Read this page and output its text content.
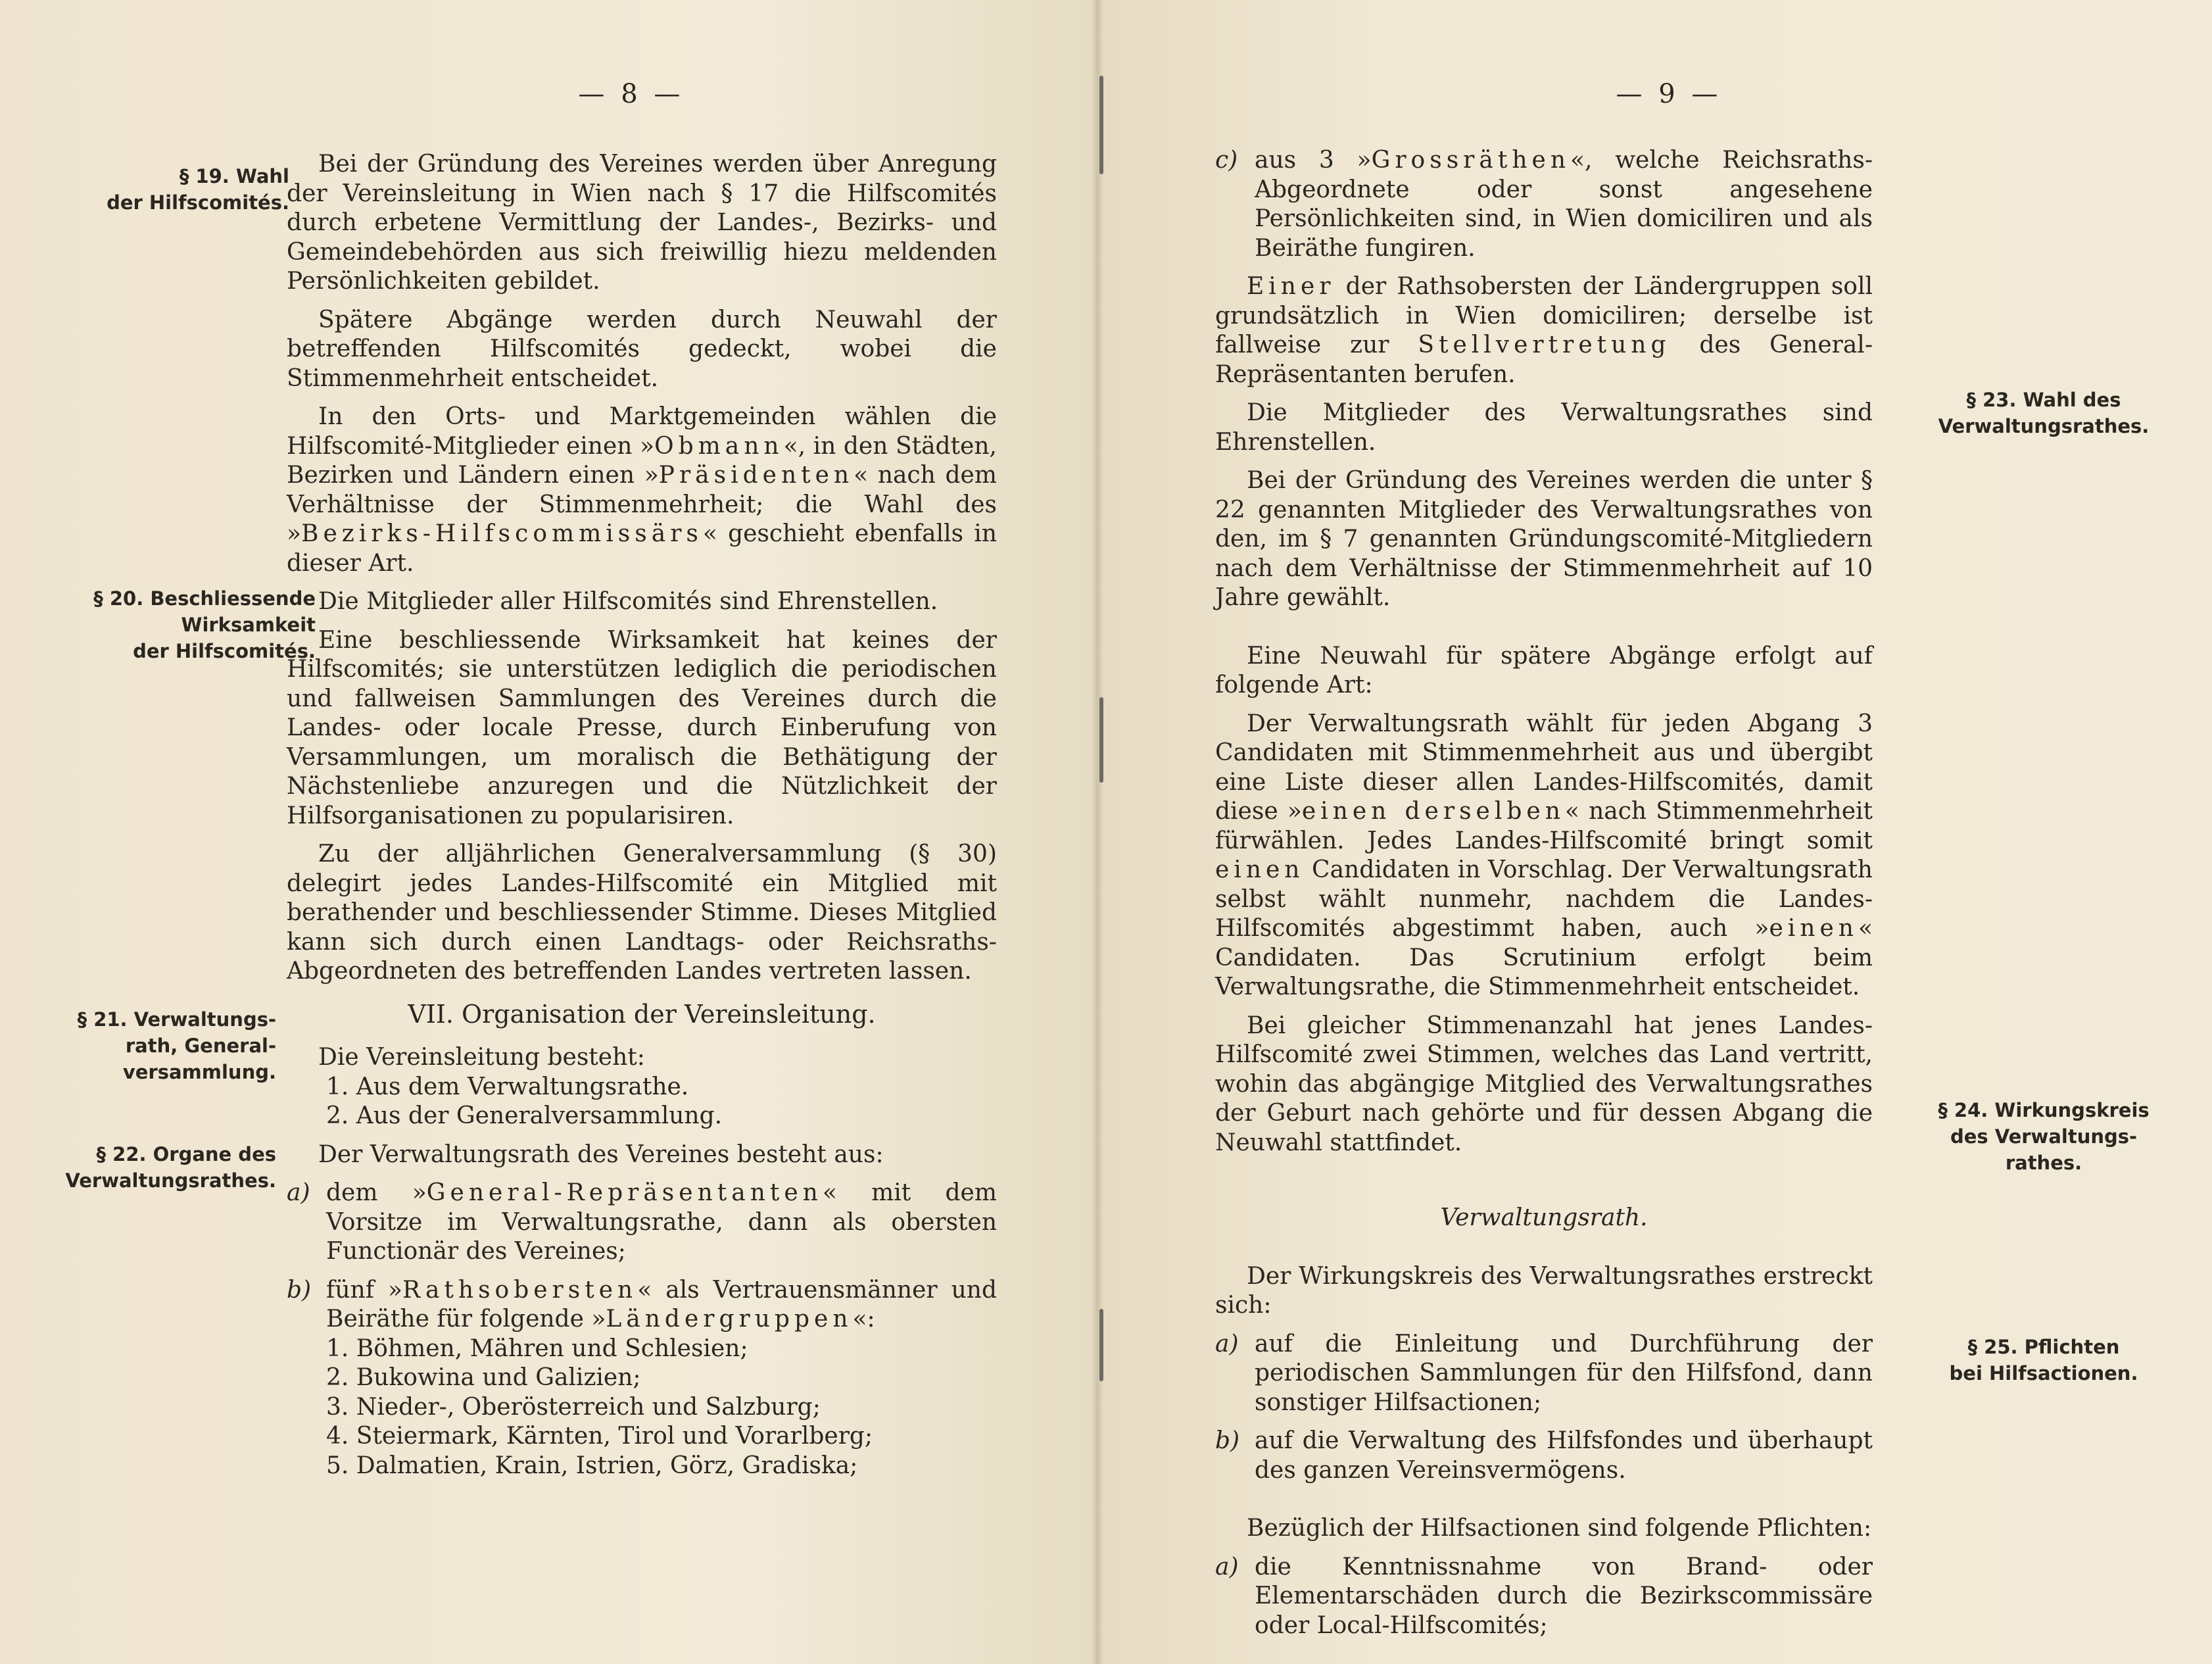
— 8 —
§ 19. Wahl
der Hilfscomités.
§ 20. Beschliessende
Wirksamkeit
der Hilfscomités.
§ 21. Verwaltungs-
rath, General-
versammlung.
§ 22. Organe des
Verwaltungsrathes.

Bei der Gründung des Vereines werden über Anregung der Vereinsleitung in Wien nach § 17 die Hilfscomités durch erbetene Vermittlung der Landes-, Bezirks- und Gemeindebehörden aus sich freiwillig hiezu meldenden Persönlichkeiten gebildet.

Spätere Abgänge werden durch Neuwahl der betreffenden Hilfscomités gedeckt, wobei die Stimmenmehrheit entscheidet.

In den Orts- und Marktgemeinden wählen die Hilfscomité-Mitglieder einen »Obmann«, in den Städten, Bezirken und Ländern einen »Präsidenten« nach dem Verhältnisse der Stimmenmehrheit; die Wahl des »Bezirks-Hilfscommissärs« geschieht ebenfalls in dieser Art.

Die Mitglieder aller Hilfscomités sind Ehrenstellen.

Eine beschliessende Wirksamkeit hat keines der Hilfscomités; sie unterstützen lediglich die periodischen und fallweisen Sammlungen des Vereines durch die Landes- oder locale Presse, durch Einberufung von Versammlungen, um moralisch die Bethätigung der Nächstenliebe anzuregen und die Nützlichkeit der Hilfsorganisationen zu popularisiren.

Zu der alljährlichen Generalversammlung (§ 30) delegirt jedes Landes-Hilfscomité ein Mitglied mit berathender und beschliessender Stimme. Dieses Mitglied kann sich durch einen Landtags- oder Reichsraths-Abgeordneten des betreffenden Landes vertreten lassen.

VII. Organisation der Vereinsleitung.

Die Vereinsleitung besteht:

1. Aus dem Verwaltungsrathe.

2. Aus der Generalversammlung.

Der Verwaltungsrath des Vereines besteht aus:

a) dem »General-Repräsentanten« mit dem Vorsitze im Verwaltungsrathe, dann als obersten Functionär des Vereines;

b) fünf »Rathsobersten« als Vertrauensmänner und Beiräthe für folgende »Ländergruppen«:

1. Böhmen, Mähren und Schlesien;

2. Bukowina und Galizien;

3. Nieder-, Oberösterreich und Salzburg;

4. Steiermark, Kärnten, Tirol und Vorarlberg;

5. Dalmatien, Krain, Istrien, Görz, Gradiska;

— 9 —

c) aus 3 »Grossräthen«, welche Reichsraths-Abgeordnete oder sonst angesehene Persönlichkeiten sind, in Wien domiciliren und als Beiräthe fungiren.

Einer der Rathsobersten der Ländergruppen soll grundsätzlich in Wien domiciliren; derselbe ist fallweise zur Stellvertretung des General-Repräsentanten berufen.

Die Mitglieder des Verwaltungsrathes sind Ehrenstellen.

Bei der Gründung des Vereines werden die unter § 22 genannten Mitglieder des Verwaltungsrathes von den, im § 7 genannten Gründungscomité-Mitgliedern nach dem Verhältnisse der Stimmenmehrheit auf 10 Jahre gewählt.

Eine Neuwahl für spätere Abgänge erfolgt auf folgende Art:

Der Verwaltungsrath wählt für jeden Abgang 3 Candidaten mit Stimmenmehrheit aus und übergibt eine Liste dieser allen Landes-Hilfscomités, damit diese »einen derselben« nach Stimmenmehrheit fürwählen. Jedes Landes-Hilfscomité bringt somit einen Candidaten in Vorschlag. Der Verwaltungsrath selbst wählt nunmehr, nachdem die Landes-Hilfscomités abgestimmt haben, auch »einen« Candidaten. Das Scrutinium erfolgt beim Verwaltungsrathe, die Stimmenmehrheit entscheidet.

Bei gleicher Stimmenanzahl hat jenes Landes-Hilfscomité zwei Stimmen, welches das Land vertritt, wohin das abgängige Mitglied des Verwaltungsrathes der Geburt nach gehörte und für dessen Abgang die Neuwahl stattfindet.

Verwaltungsrath.

Der Wirkungskreis des Verwaltungsrathes erstreckt sich:

a) auf die Einleitung und Durchführung der periodischen Sammlungen für den Hilfsfond, dann sonstiger Hilfsactionen;

b) auf die Verwaltung des Hilfsfondes und überhaupt des ganzen Vereinsvermögens.

Bezüglich der Hilfsactionen sind folgende Pflichten:

a) die Kenntnissnahme von Brand- oder Elementarschäden durch die Bezirkscommissäre oder Local-Hilfscomités;

§ 23. Wahl des
Verwaltungsrathes.
§ 24. Wirkungskreis
des Verwaltungs-
rathes.
§ 25. Pflichten
bei Hilfsactionen.
